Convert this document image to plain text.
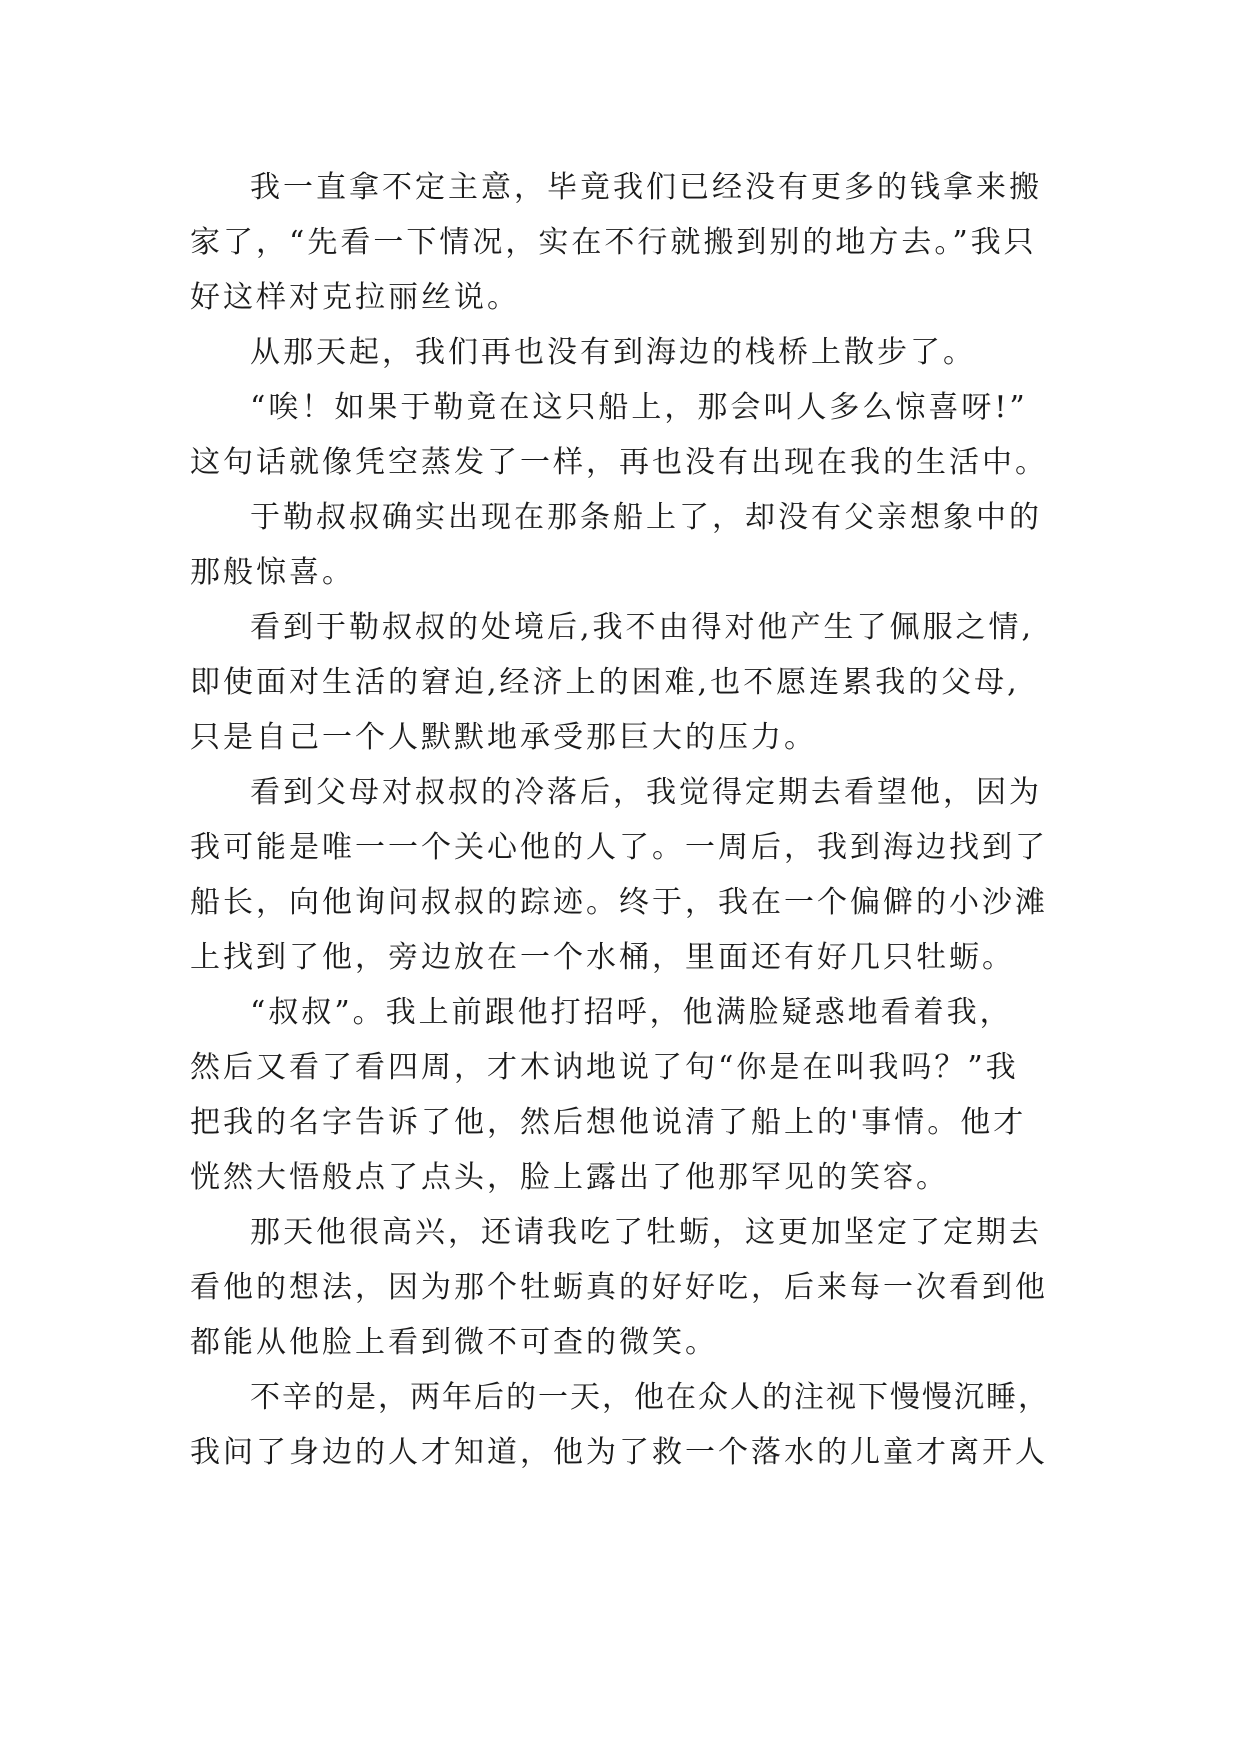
我一直拿不定主意，毕竟我们已经没有更多的钱拿来搬

家了，“先看一下情况，实在不行就搬到别的地方去。”我只

好这样对克拉丽丝说。

从那天起，我们再也没有到海边的栈桥上散步了。

“唉！如果于勒竟在这只船上，那会叫人多么惊喜呀!”

这句话就像凭空蒸发了一样，再也没有出现在我的生活中。

于勒叔叔确实出现在那条船上了，却没有父亲想象中的

那般惊喜。

看到于勒叔叔的处境后,我不由得对他产生了佩服之情,

即使面对生活的窘迫,经济上的困难,也不愿连累我的父母,

只是自己一个人默默地承受那巨大的压力。

看到父母对叔叔的冷落后，我觉得定期去看望他，因为

我可能是唯一一个关心他的人了。一周后，我到海边找到了

船长，向他询问叔叔的踪迹。终于，我在一个偏僻的小沙滩

上找到了他，旁边放在一个水桶，里面还有好几只牡蛎。

“叔叔”。我上前跟他打招呼，他满脸疑惑地看着我，

然后又看了看四周，才木讷地说了句“你是在叫我吗？”我

把我的名字告诉了他，然后想他说清了船上的'事情。他才

恍然大悟般点了点头，脸上露出了他那罕见的笑容。

那天他很高兴，还请我吃了牡蛎，这更加坚定了定期去

看他的想法，因为那个牡蛎真的好好吃，后来每一次看到他

都能从他脸上看到微不可查的微笑。

不辛的是，两年后的一天，他在众人的注视下慢慢沉睡，

我问了身边的人才知道，他为了救一个落水的儿童才离开人
